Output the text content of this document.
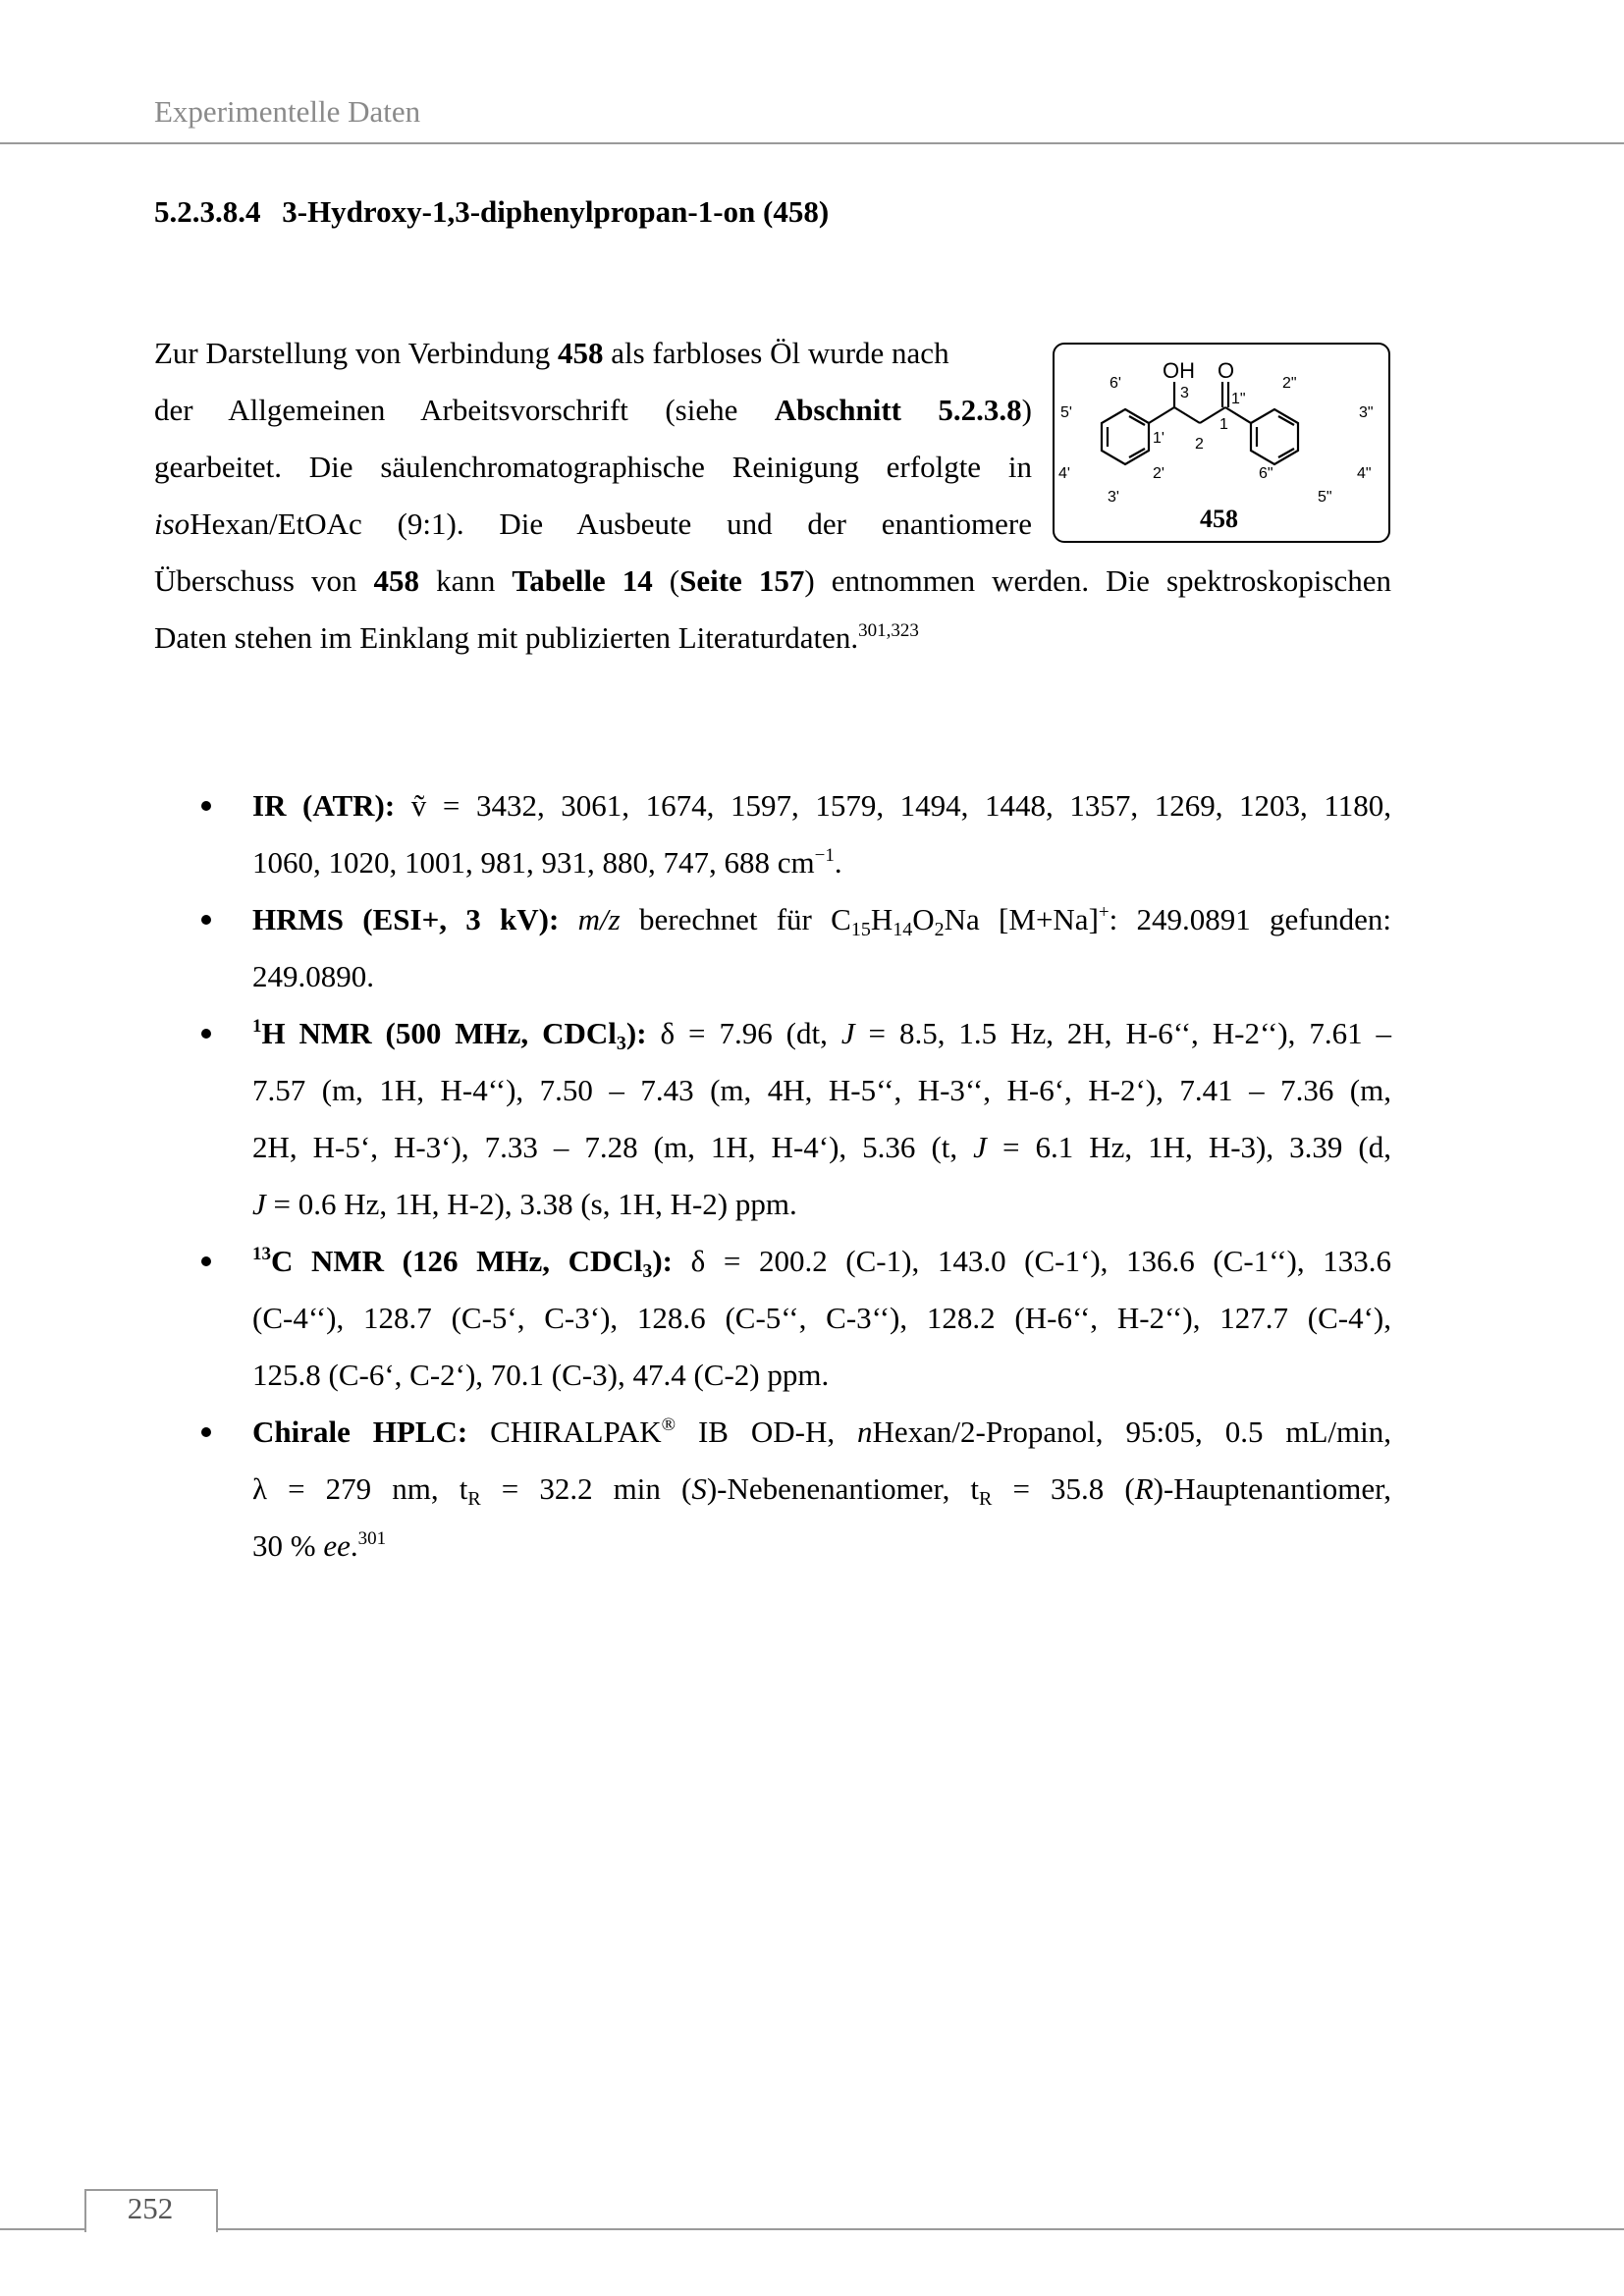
Experimentelle Daten
5.2.3.8.4 3-Hydroxy-1,3-diphenylpropan-1-on (458)
Zur Darstellung von Verbindung 458 als farbloses Öl wurde nach
der Allgemeinen Arbeitsvorschrift (siehe Abschnitt 5.2.3.8)
gearbeitet. Die säulenchromatographische Reinigung erfolgte in
isoHexan/EtOAc (9:1). Die Ausbeute und der enantiomere
Überschuss von 458 kann Tabelle 14 (Seite 157) entnommen werden. Die spektroskopischen
Daten stehen im Einklang mit publizierten Literaturdaten.$^{301,323}$
OH O
3
2
1
6'
5'
4'
3'
2'
1'
1"
2"
3"
4"
5"
6"
458
IR (ATR): ṽ = 3432, 3061, 1674, 1597, 1579, 1494, 1448, 1357, 1269, 1203, 1180,
1060, 1020, 1001, 981, 931, 880, 747, 688 $cm^{-1}$.
HRMS (ESI+, 3 kV): m/z berechnet für $C_{15}H_{14}O_2Na$ [M+Na]+: 249.0891 gefunden:
249.0890.
$^1$H NMR (500 MHz, CDCl$_3$): δ = 7.96 (dt, J = 8.5, 1.5 Hz, 2H, H-6‘‘, H-2‘‘), 7.61 –
7.57 (m, 1H, H-4‘‘), 7.50 – 7.43 (m, 4H, H-5‘‘, H-3‘‘, H-6‘, H-2‘), 7.41 – 7.36 (m,
2H, H-5‘, H-3‘), 7.33 – 7.28 (m, 1H, H-4‘), 5.36 (t, J = 6.1 Hz, 1H, H-3), 3.39 (d,
J = 0.6 Hz, 1H, H-2), 3.38 (s, 1H, H-2) ppm.
$^{13}$C NMR (126 MHz, CDCl$_3$): δ = 200.2 (C-1), 143.0 (C-1‘), 136.6 (C-1‘‘), 133.6
(C-4‘‘), 128.7 (C-5‘, C-3‘), 128.6 (C-5‘‘, C-3‘‘), 128.2 (H-6‘‘, H-2‘‘), 127.7 (C-4‘),
125.8 (C-6‘, C-2‘), 70.1 (C-3), 47.4 (C-2) ppm.
Chirale HPLC: CHIRALPAK® IB OD-H, nHexan/2-Propanol, 95:05, 0.5 mL/min,
λ = 279 nm, $t_R = 32.2$ min (S)-Nebenenantiomer, $t_R = 35.8$ (R)-Hauptenantiomer,
30 % ee.$^{301}$
252
